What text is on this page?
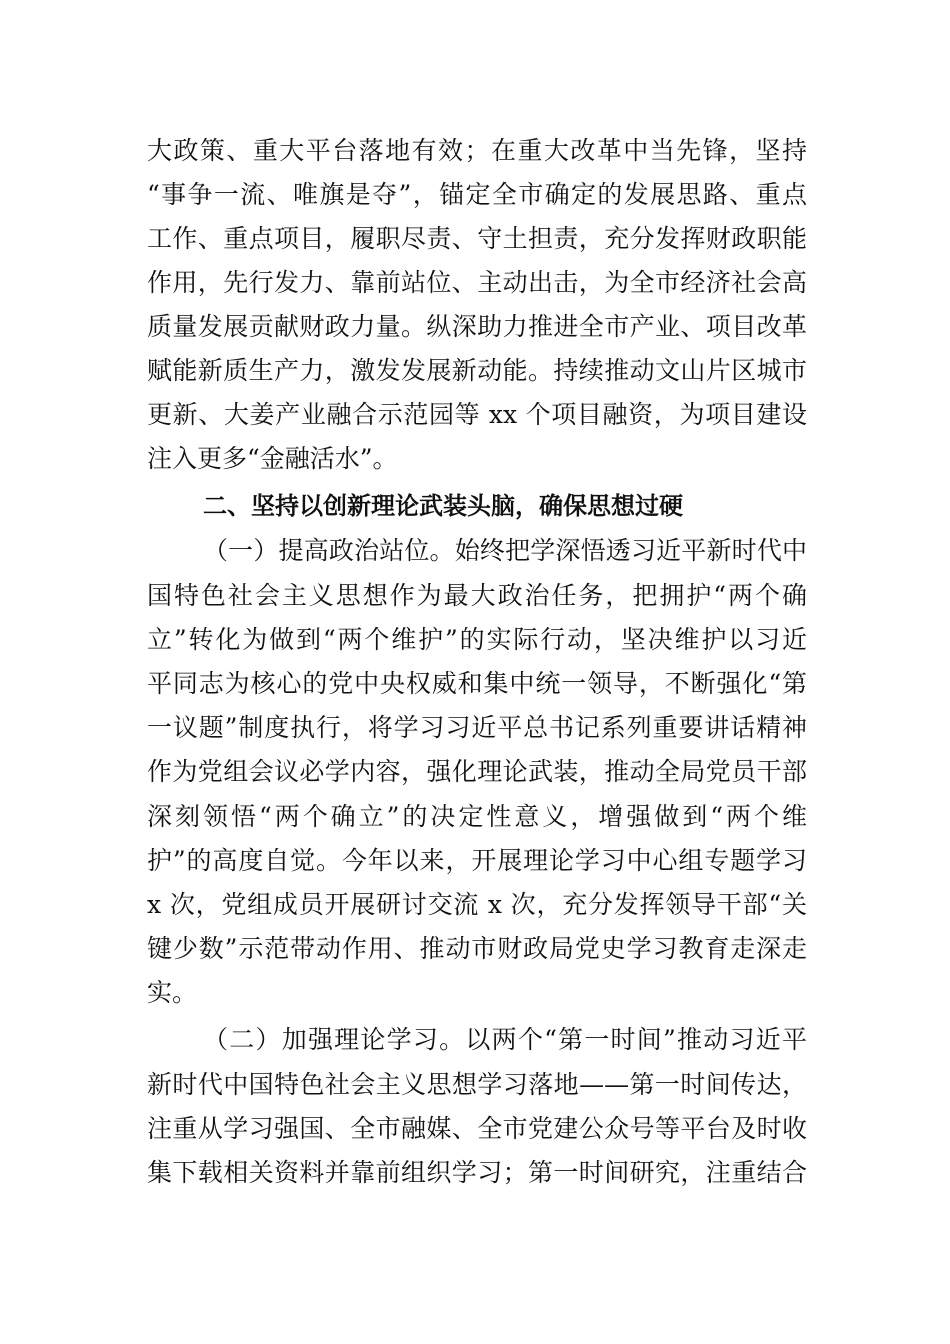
大政策、重大平台落地有效；在重大改革中当先锋，坚持
“事争一流、唯旗是夺”，锚定全市确定的发展思路、重点
工作、重点项目，履职尽责、守土担责，充分发挥财政职能
作用，先行发力、靠前站位、主动出击，为全市经济社会高
质量发展贡献财政力量。纵深助力推进全市产业、项目改革
赋能新质生产力，激发发展新动能。持续推动文山片区城市
更新、大姜产业融合示范园等 xx 个项目融资，为项目建设
注入更多“金融活水”。
二、坚持以创新理论武装头脑，确保思想过硬
（一）提高政治站位。始终把学深悟透习近平新时代中
国特色社会主义思想作为最大政治任务，把拥护“两个确
立”转化为做到“两个维护”的实际行动，坚决维护以习近
平同志为核心的党中央权威和集中统一领导，不断强化“第
一议题”制度执行，将学习习近平总书记系列重要讲话精神
作为党组会议必学内容，强化理论武装，推动全局党员干部
深刻领悟“两个确立”的决定性意义，增强做到“两个维
护”的高度自觉。今年以来，开展理论学习中心组专题学习
x 次，党组成员开展研讨交流 x 次，充分发挥领导干部“关
键少数”示范带动作用、推动市财政局党史学习教育走深走
实。
（二）加强理论学习。以两个“第一时间”推动习近平
新时代中国特色社会主义思想学习落地——第一时间传达，
注重从学习强国、全市融媒、全市党建公众号等平台及时收
集下载相关资料并靠前组织学习；第一时间研究，注重结合
